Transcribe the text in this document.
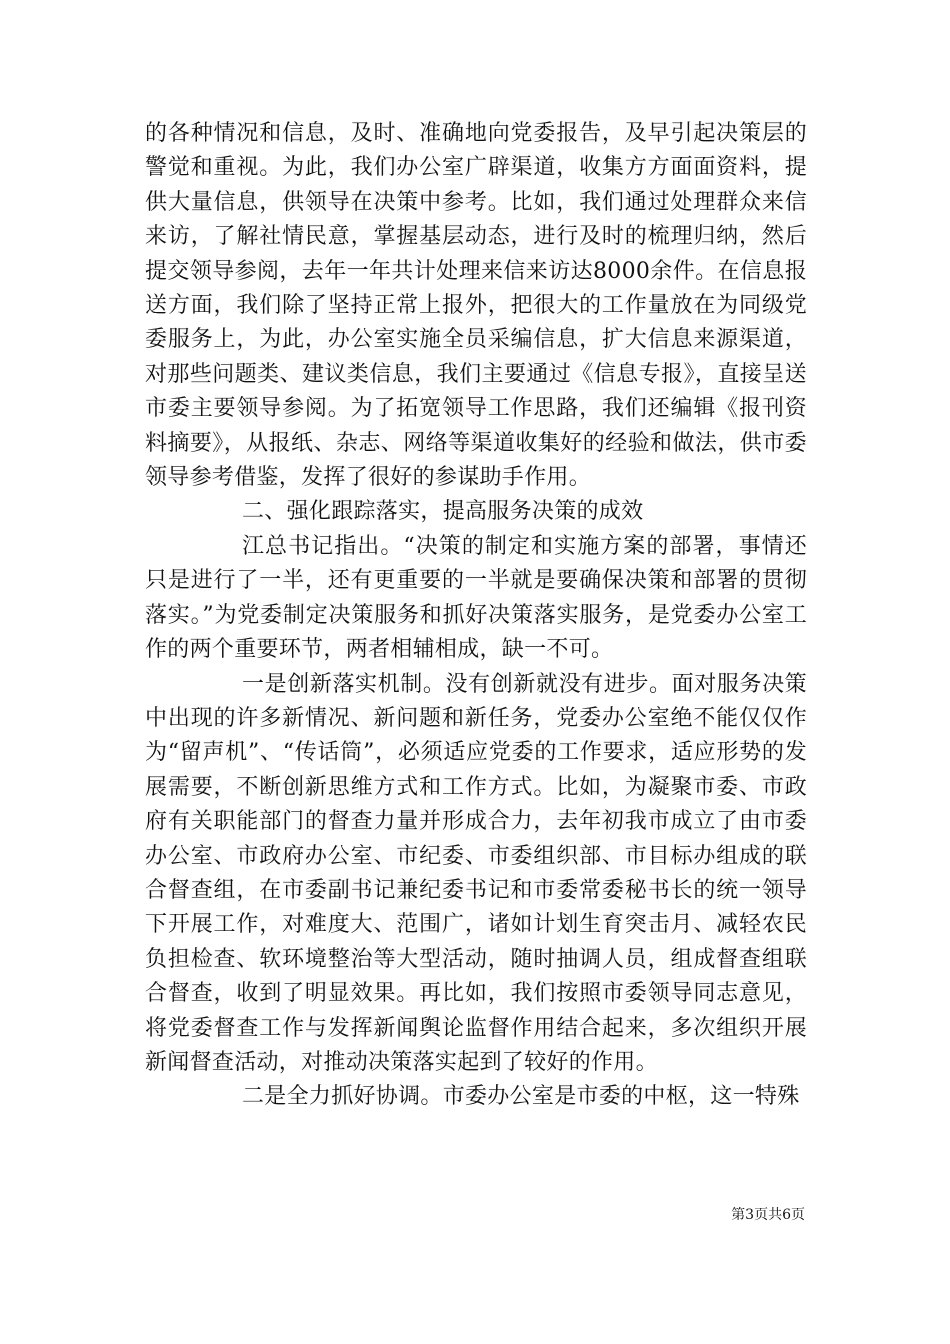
的各种情况和信息，及时、准确地向党委报告，及早引起决策层的警觉和重视。为此，我们办公室广辟渠道，收集方方面面资料，提供大量信息，供领导在决策中参考。比如，我们通过处理群众来信来访，了解社情民意，掌握基层动态，进行及时的梳理归纳，然后提交领导参阅，去年一年共计处理来信来访达8000余件。在信息报送方面，我们除了坚持正常上报外，把很大的工作量放在为同级党委服务上，为此，办公室实施全员采编信息，扩大信息来源渠道，对那些问题类、建议类信息，我们主要通过《信息专报》，直接呈送市委主要领导参阅。为了拓宽领导工作思路，我们还编辑《报刊资料摘要》，从报纸、杂志、网络等渠道收集好的经验和做法，供市委领导参考借鉴，发挥了很好的参谋助手作用。

二、强化跟踪落实，提高服务决策的成效

江总书记指出。“决策的制定和实施方案的部署，事情还只是进行了一半，还有更重要的一半就是要确保决策和部署的贯彻落实。”为党委制定决策服务和抓好决策落实服务，是党委办公室工作的两个重要环节，两者相辅相成，缺一不可。

一是创新落实机制。没有创新就没有进步。面对服务决策中出现的许多新情况、新问题和新任务，党委办公室绝不能仅仅作为“留声机”、“传话筒”，必须适应党委的工作要求，适应形势的发展需要，不断创新思维方式和工作方式。比如，为凝聚市委、市政府有关职能部门的督查力量并形成合力，去年初我市成立了由市委办公室、市政府办公室、市纪委、市委组织部、市目标办组成的联合督查组，在市委副书记兼纪委书记和市委常委秘书长的统一领导下开展工作，对难度大、范围广，诸如计划生育突击月、减轻农民负担检查、软环境整治等大型活动，随时抽调人员，组成督查组联合督查，收到了明显效果。再比如，我们按照市委领导同志意见，将党委督查工作与发挥新闻舆论监督作用结合起来，多次组织开展新闻督查活动，对推动决策落实起到了较好的作用。

二是全力抓好协调。市委办公室是市委的中枢，这一特殊

第3页共6页
